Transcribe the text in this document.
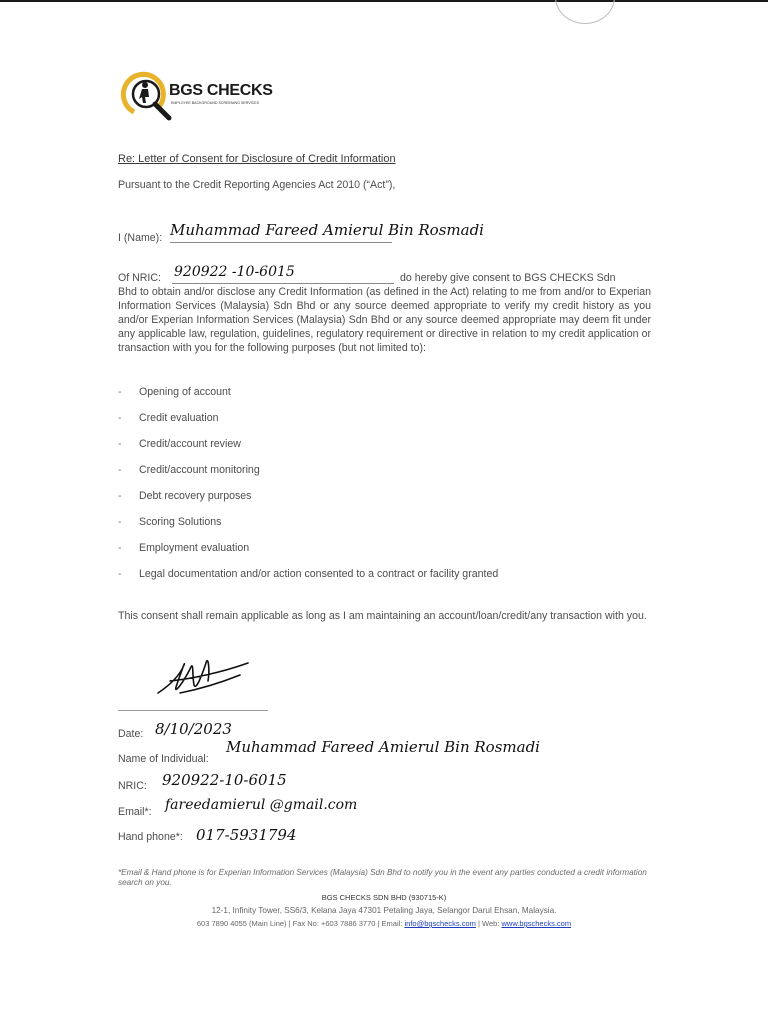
BGS CHECKS
EMPLOYEE BACKGROUND SCREENING SERVICES
Re: Letter of Consent for Disclosure of Credit Information
Pursuant to the Credit Reporting Agencies Act 2010 (“Act”),
I (Name): Muhammad Fareed Amierul Bin Rosmadi
Of NRIC: 920922 -10-6015	do hereby give consent to BGS CHECKS Sdn
Bhd to obtain and/or disclose any Credit Information (as defined in the Act) relating to me from and/or to Experian Information Services (Malaysia) Sdn Bhd or any source deemed appropriate to verify my credit history as you and/or Experian Information Services (Malaysia) Sdn Bhd or any source deemed appropriate may deem fit under any applicable law, regulation, guidelines, regulatory requirement or directive in relation to my credit application or transaction with you for the following purposes (but not limited to):
- Opening of account
- Credit evaluation
- Credit/account review
- Credit/account monitoring
- Debt recovery purposes
- Scoring Solutions
- Employment evaluation
- Legal documentation and/or action consented to a contract or facility granted
This consent shall remain applicable as long as I am maintaining an account/loan/credit/any transaction with you.
Date: 8/10/2023
Name of Individual:
Muhammad Fareed Amierul Bin Rosmadi
NRIC: 920922-10-6015
Email*: fareedamierul @gmail.com
Hand phone*: 017-5931794
*Email & Hand phone is for Experian Information Services (Malaysia) Sdn Bhd to notify you in the event any parties conducted a credit information search on you.
BGS CHECKS SDN BHD (930715-K)
12-1, Infinity Tower, SS6/3, Kelana Jaya 47301 Petaling Jaya, Selangor Darul Ehsan, Malaysia.
603 7890 4055 (Main Line) | Fax No: +603 7886 3770 | Email: info@bgschecks.com | Web: www.bgschecks.com
